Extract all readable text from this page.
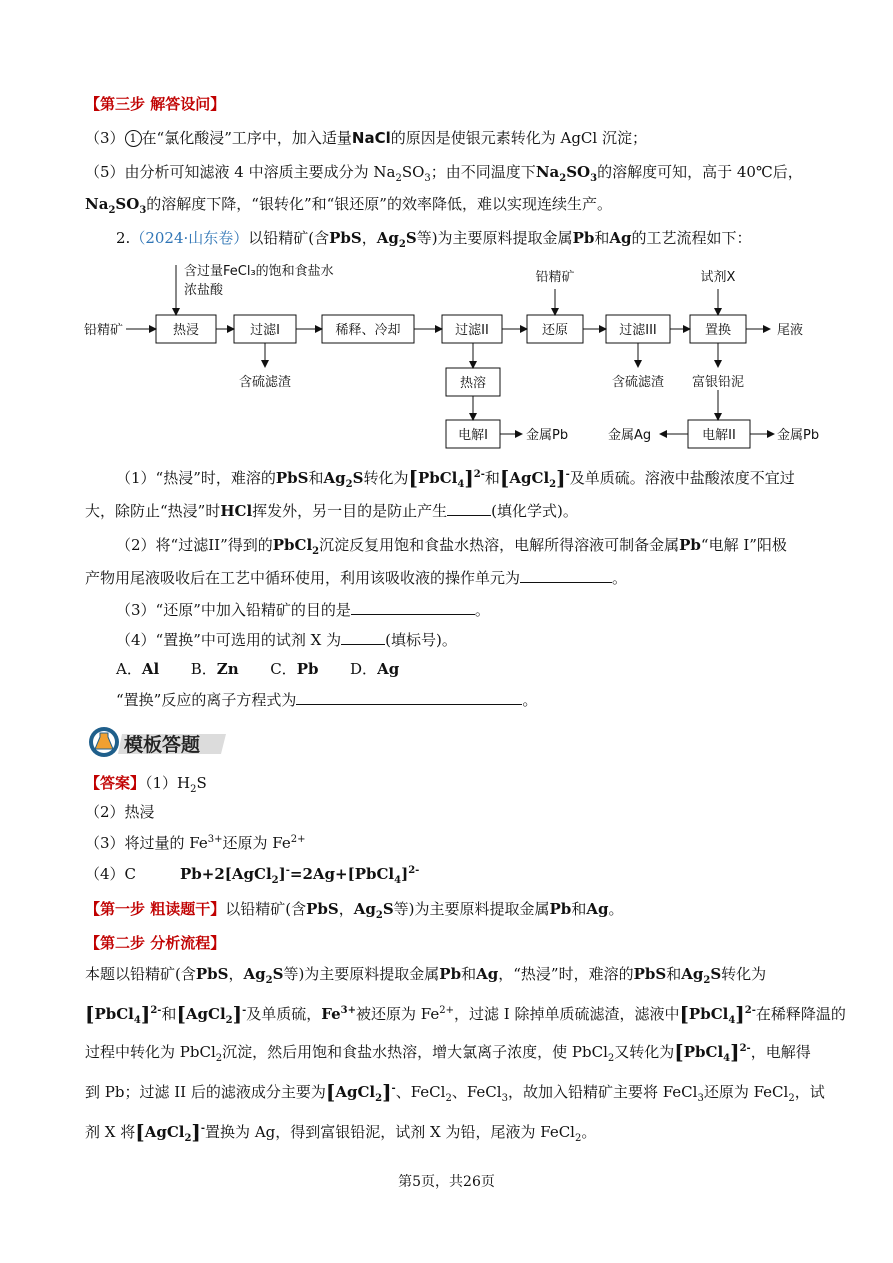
【第三步 解答设问】
（3） 1 在“氯化酸浸”工序中，加入适量NaCl的原因是使银元素转化为 AgCl 沉淀；
（5）由分析可知滤液 4 中溶质主要成分为 $Na_2SO_3$；由不同温度下$Na_2SO_3$的溶解度可知，高于 40℃后，
$Na_2SO_3$的溶解度下降，“银转化”和“银还原”的效率降低，难以实现连续生产。
2.（2024·山东卷）以铅精矿(含PbS，$Ag_2S$等)为主要原料提取金属Pb和Ag的工艺流程如下：
铅精矿
含过量FeCl₃的饱和食盐水
浓盐酸
热浸	过滤I	稀释、冷却	过滤II	还原	过滤III	置换
热溶
电解I	电解II
铅精矿	试剂X
尾液
含硫滤渣	含硫滤渣 富银铅泥
金属Pb	金属Ag	金属Pb
（1）“热浸”时，难溶的PbS和$Ag_2S$转化为[PbCl$_4$]$^{2-}$和[AgCl$_2$]-及单质硫。溶液中盐酸浓度不宜过
大，除防止“热浸”时HCl挥发外，另一目的是防止产生	(填化学式)。
（2）将“过滤II”得到的PbCl$_2$沉淀反复用饱和食盐水热溶，电解所得溶液可制备金属Pb“电解 I”阳极
产物用尾液吸收后在工艺中循环使用，利用该吸收液的操作单元为	。
（3）“还原”中加入铅精矿的目的是	。
（4）“置换”中可选用的试剂 X 为	(填标号)。
A．Al B．Zn C．Pb D．Ag
“置换”反应的离子方程式为	。
模板答题
【答案】$(1)H_2S$
（2）热浸
（3）将过量的 $Fe^{3+}$还原为 $Fe^{2+}$
（4）C	Pb+2[AgCl$_2$]-=2Ag+[PbCl$_4$]$^{2-}$
【第一步 粗读题干】以铅精矿(含PbS，$Ag_2S$等)为主要原料提取金属Pb和Ag。
【第二步 分析流程】
本题以铅精矿(含PbS，$Ag_2S$等)为主要原料提取金属Pb和Ag，“热浸”时，难溶的PbS和$Ag_2S$转化为
[PbCl$_4$]$^{2-}$和[AgCl$_2$]-及单质硫，$Fe^{3+}$被还原为 $Fe^{2+}$，过滤 I 除掉单质硫滤渣，滤液中[PbCl$_4$]$^{2-}$在稀释降温的
过程中转化为 PbCl$_2$沉淀，然后用饱和食盐水热溶，增大氯离子浓度，使 PbCl$_2$又转化为[PbCl$_4$]$^{2-}$，电解得
到 Pb；过滤 II 后的滤液成分主要为[AgCl$_2$]-、FeCl$_2$、FeCl$_3$，故加入铅精矿主要将 FeCl$_3$还原为 FeCl$_2$，试
剂 X 将[AgCl$_2$]-置换为 Ag，得到富银铅泥，试剂 X 为铅，尾液为 FeCl$_2$。
第5页，共26页
